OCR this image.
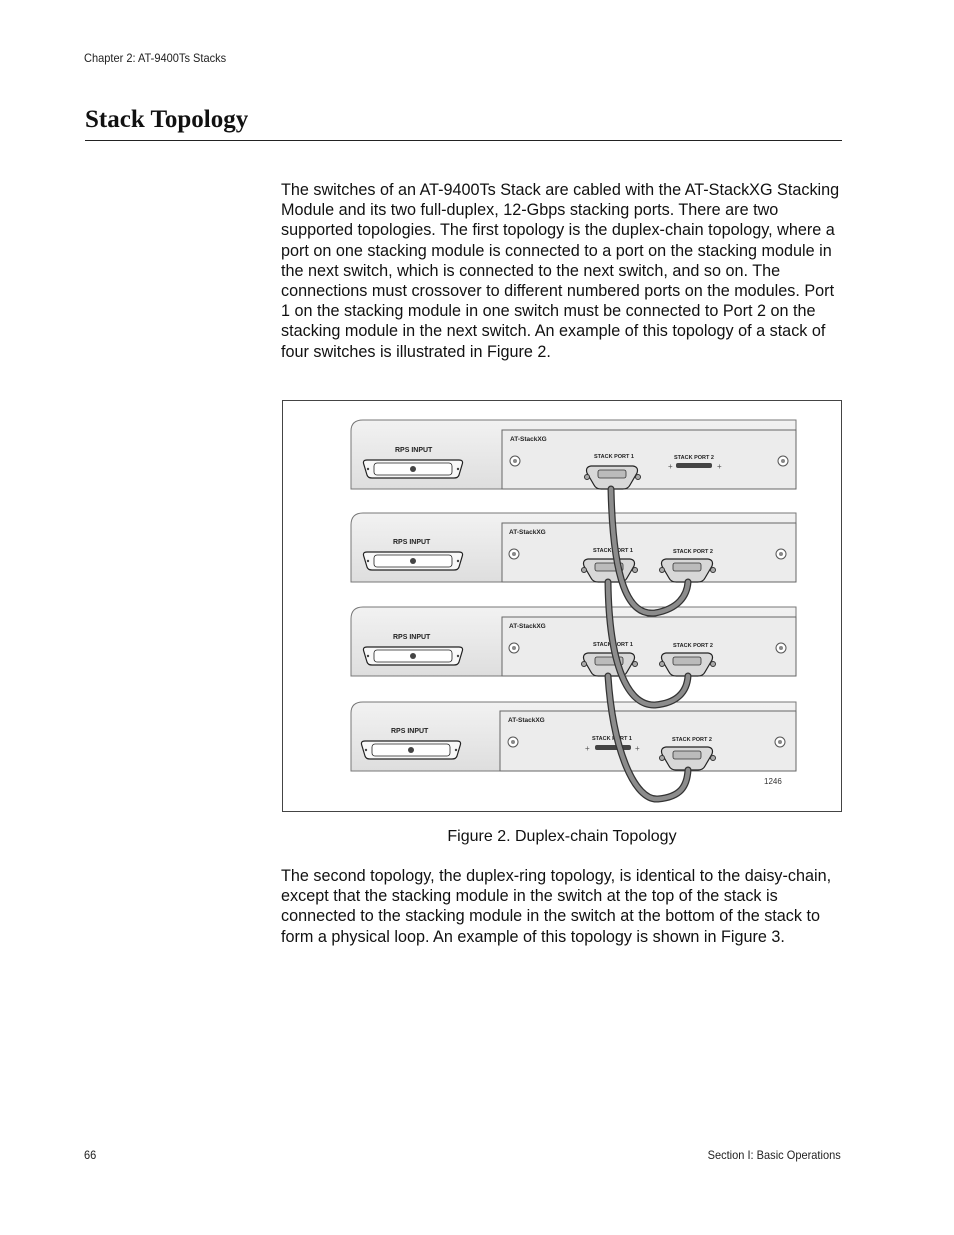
Chapter 2: AT-9400Ts Stacks
Stack Topology

The switches of an AT-9400Ts Stack are cabled with the AT-StackXG Stacking Module and its two full-duplex, 12-Gbps stacking ports. There are two supported topologies. The first topology is the duplex-chain topology, where a port on one stacking module is connected to a port on the stacking module in the next switch, which is connected to the next switch, and so on. The connections must crossover to different numbered ports on the modules. Port 1 on the stacking module in one switch must be connected to Port 2 on the stacking module in the next switch. An example of this topology of a stack of four switches is illustrated in Figure 2.

RPS INPUT
AT-StackXG
STACK PORT 1	STACK PORT 2
+	+
RPS INPUT
AT-StackXG
STACK PORT 1	STACK PORT 2
RPS INPUT
AT-StackXG
STACK PORT 1	STACK PORT 2
RPS INPUT
AT-StackXG
STACK PORT 1	STACK PORT 2
+	+
1246

Figure 2. Duplex-chain Topology

The second topology, the duplex-ring topology, is identical to the daisy-chain, except that the stacking module in the switch at the top of the stack is connected to the stacking module in the switch at the bottom of the stack to form a physical loop. An example of this topology is shown in Figure 3.

66	Section I: Basic Operations
